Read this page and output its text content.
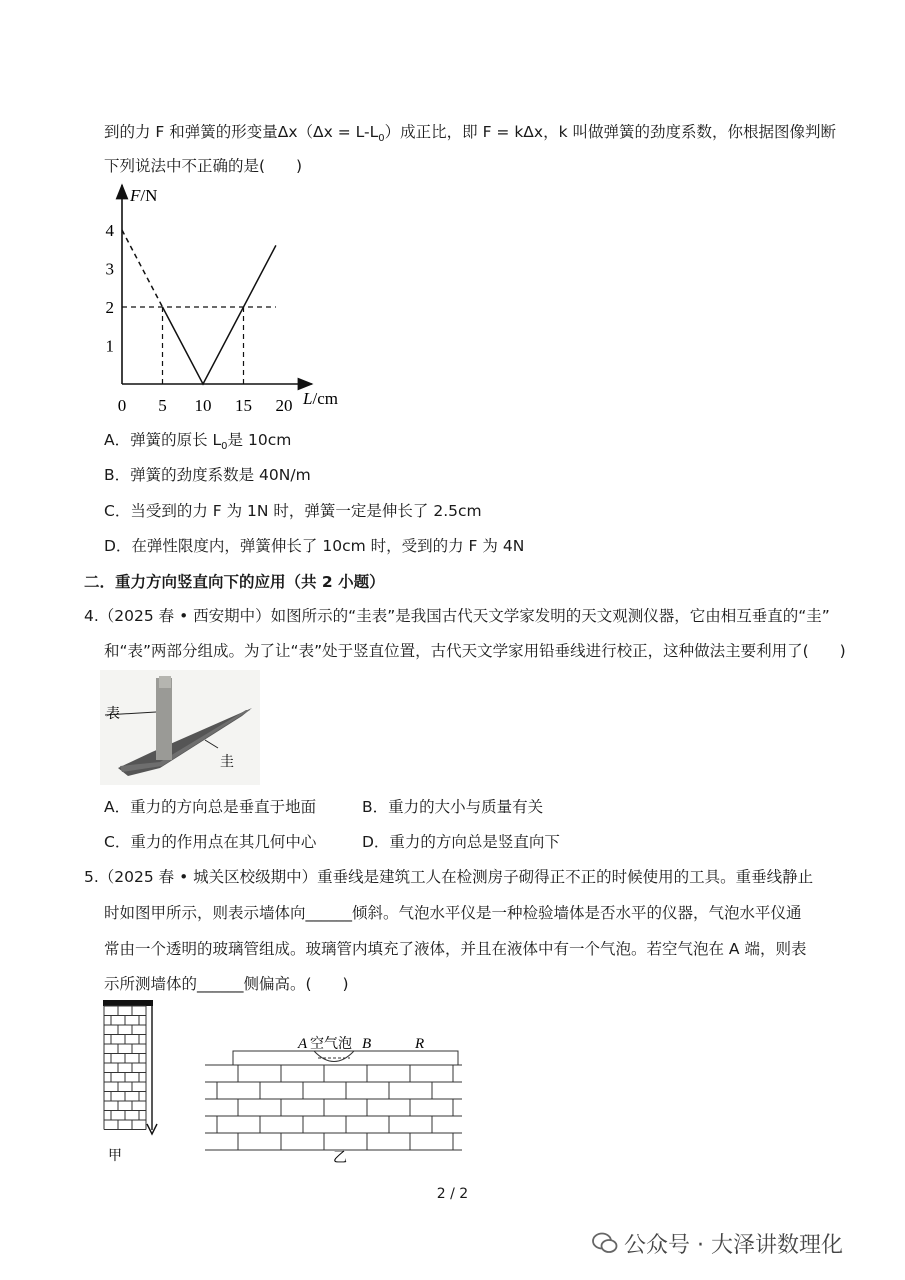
到的力 F 和弹簧的形变量$\Delta x(\Delta x = L-L_0)$成正比，即 F = kΔx，k 叫做弹簧的劲度系数，你根据图像判断
下列说法中不正确的是(　　)
0 5 10 15 20
1
2
3
4
F/N
L/cm
A．弹簧的原长 $L_0$是 10cm
B．弹簧的劲度系数是 40N/m
C．当受到的力 F 为 1N 时，弹簧一定是伸长了 2.5cm
D．在弹性限度内，弹簧伸长了 10cm 时，受到的力 F 为 4N
二．重力方向竖直向下的应用（共 2 小题）
4.（2025 春 • 西安期中）如图所示的“圭表”是我国古代天文学家发明的天文观测仪器，它由相互垂直的“圭”
和“表”两部分组成。为了让“表”处于竖直位置，古代天文学家用铅垂线进行校正，这种做法主要利用了(　　)
表
圭
A．重力的方向总是垂直于地面	B．重力的大小与质量有关
C．重力的作用点在其几何中心	D．重力的方向总是竖直向下
5.（2025 春 • 城关区校级期中）重垂线是建筑工人在检测房子砌得正不正的时候使用的工具。重垂线静止
时如图甲所示，则表示墙体向______倾斜。气泡水平仪是一种检验墙体是否水平的仪器，气泡水平仪通
常由一个透明的玻璃管组成。玻璃管内填充了液体，并且在液体中有一个气泡。若空气泡在 A 端，则表
示所测墙体的______侧偏高。(　　)
甲
A 空气泡 B	R
乙
2 / 2
公众号 · 大泽讲数理化
